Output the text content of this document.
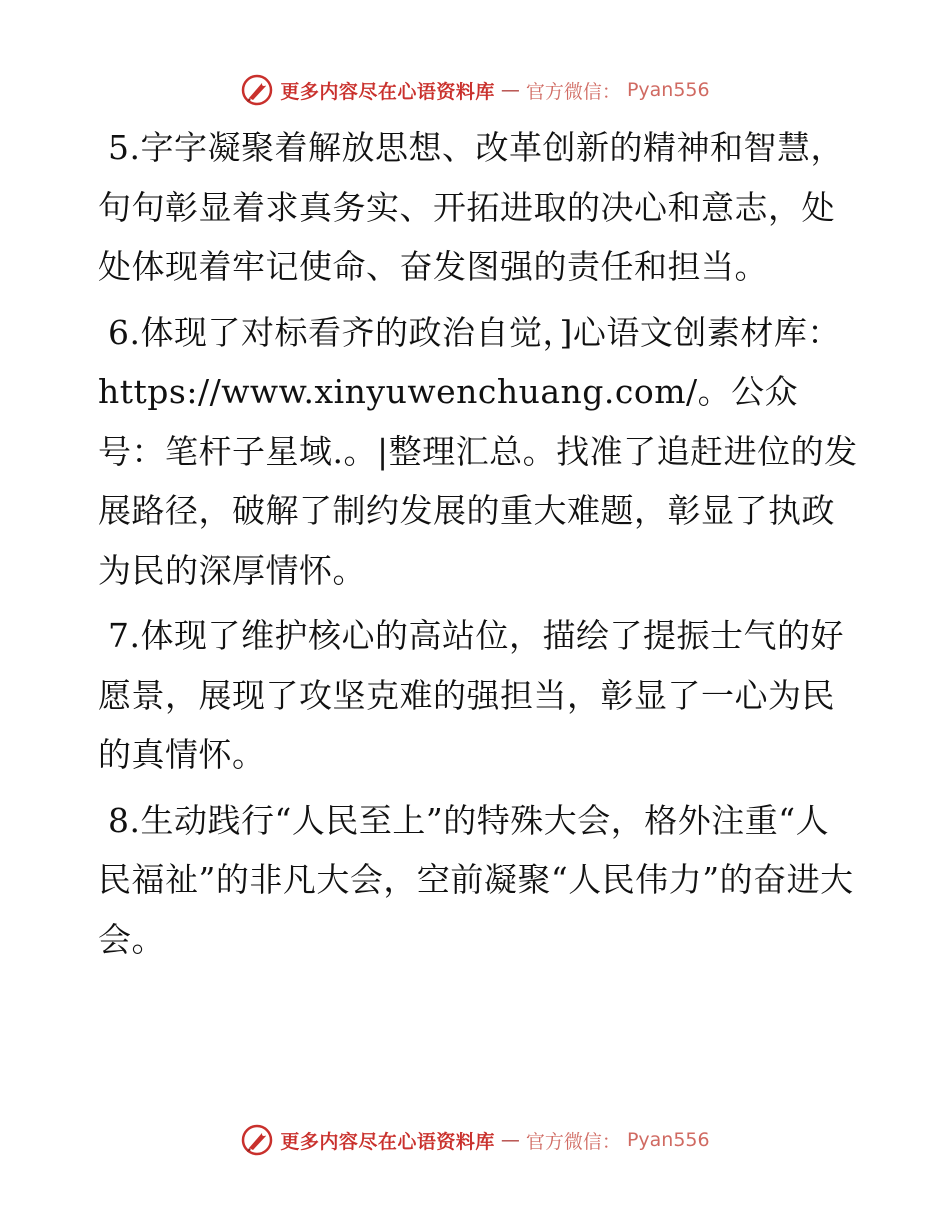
更多内容尽在心语资料库 — 官方微信： Pyan556

5.字字凝聚着解放思想、改革创新的精神和智慧，句句彰显着求真务实、开拓进取的决心和意志，处处体现着牢记使命、奋发图强的责任和担当。

6.体现了对标看齐的政治自觉，]心语文创素材库：https://www.xinyuwenchuang.com/。公众号：笔杆子星域.。|整理汇总。找准了追赶进位的发展路径，破解了制约发展的重大难题，彰显了执政为民的深厚情怀。

7.体现了维护核心的高站位，描绘了提振士气的好愿景，展现了攻坚克难的强担当，彰显了一心为民的真情怀。

8.生动践行“人民至上”的特殊大会，格外注重“人民福祉”的非凡大会，空前凝聚“人民伟力”的奋进大会。

更多内容尽在心语资料库 — 官方微信： Pyan556
